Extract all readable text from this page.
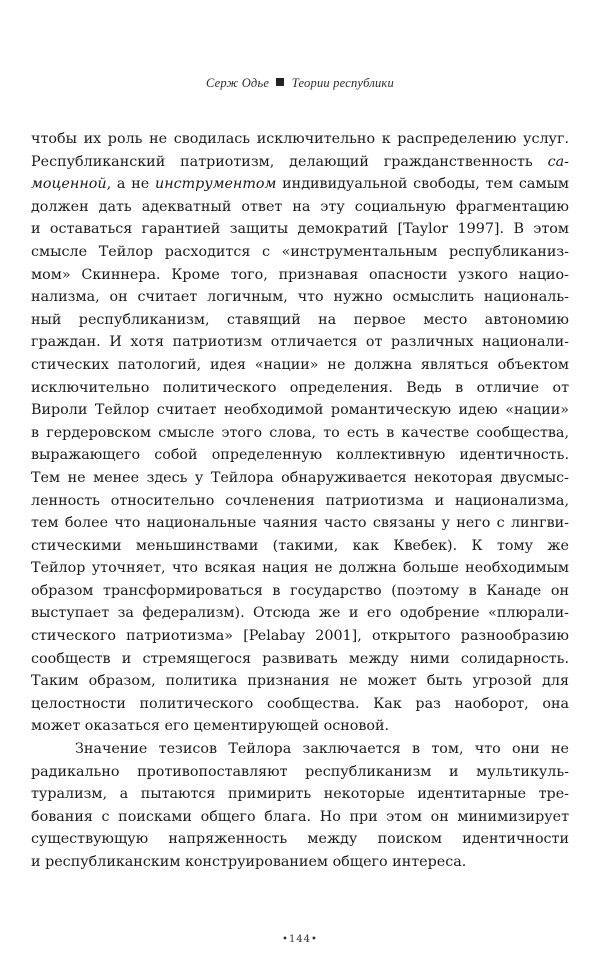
Серж Одье Теории республики
чтобы их роль не сводилась исключительно к распределению услуг.
Республиканский патриотизм, делающий гражданственность са-
моценной, а не инструментом индивидуальной свободы, тем самым
должен дать адекватный ответ на эту социальную фрагментацию
и оставаться гарантией защиты демократий [Taylor 1997]. В этом
смысле Тейлор расходится с «инструментальным республиканиз-
мом» Скиннера. Кроме того, признавая опасности узкого нацио-
нализма, он считает логичным, что нужно осмыслить националь-
ный республиканизм, ставящий на первое место автономию
граждан. И хотя патриотизм отличается от различных национали-
стических патологий, идея «нации» не должна являться объектом
исключительно политического определения. Ведь в отличие от
Вироли Тейлор считает необходимой романтическую идею «нации»
в гердеровском смысле этого слова, то есть в качестве сообщества,
выражающего собой определенную коллективную идентичность.
Тем не менее здесь у Тейлора обнаруживается некоторая двусмыс-
ленность относительно сочленения патриотизма и национализма,
тем более что национальные чаяния часто связаны у него с лингви-
стическими меньшинствами (такими, как Квебек). К тому же
Тейлор уточняет, что всякая нация не должна больше необходимым
образом трансформироваться в государство (поэтому в Канаде он
выступает за федерализм). Отсюда же и его одобрение «плюрали-
стического патриотизма» [Pelabay 2001], открытого разнообразию
сообществ и стремящегося развивать между ними солидарность.
Таким образом, политика признания не может быть угрозой для
целостности политического сообщества. Как раз наоборот, она
может оказаться его цементирующей основой.
Значение тезисов Тейлора заключается в том, что они не
радикально противопоставляют республиканизм и мультикуль-
турализм, а пытаются примирить некоторые идентитарные тре-
бования с поисками общего блага. Но при этом он минимизирует
существующую напряженность между поиском идентичности
и республиканским конструированием общего интереса.
•144•
